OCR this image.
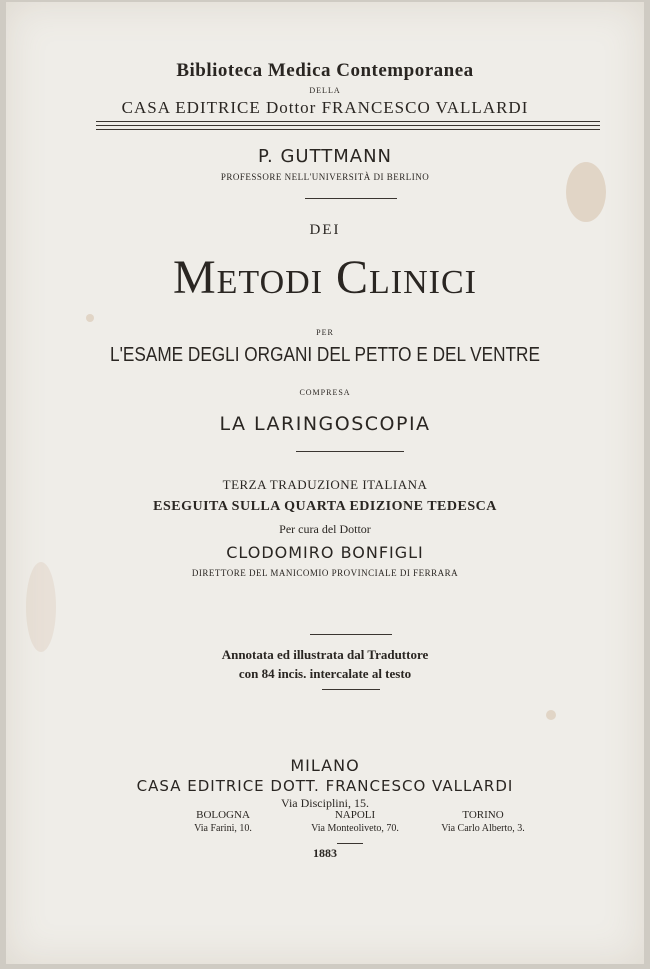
Biblioteca Medica Contemporanea
DELLA
CASA EDITRICE Dottor FRANCESCO VALLARDI
P. GUTTMANN
PROFESSORE NELL'UNIVERSITÀ DI BERLINO
DEI
Metodi Clinici
PER
L'ESAME DEGLI ORGANI DEL PETTO E DEL VENTRE
COMPRESA
LA LARINGOSCOPIA
TERZA TRADUZIONE ITALIANA
ESEGUITA SULLA QUARTA EDIZIONE TEDESCA
Per cura del Dottor
CLODOMIRO BONFIGLI
DIRETTORE DEL MANICOMIO PROVINCIALE DI FERRARA
Annotata ed illustrata dal Traduttore
con 84 incis. intercalate al testo
MILANO
CASA EDITRICE DOTT. FRANCESCO VALLARDI
Via Disciplini, 15.
BOLOGNA	NAPOLI	TORINO
Via Farini, 10.	Via Monteoliveto, 70.	Via Carlo Alberto, 3.
1883
